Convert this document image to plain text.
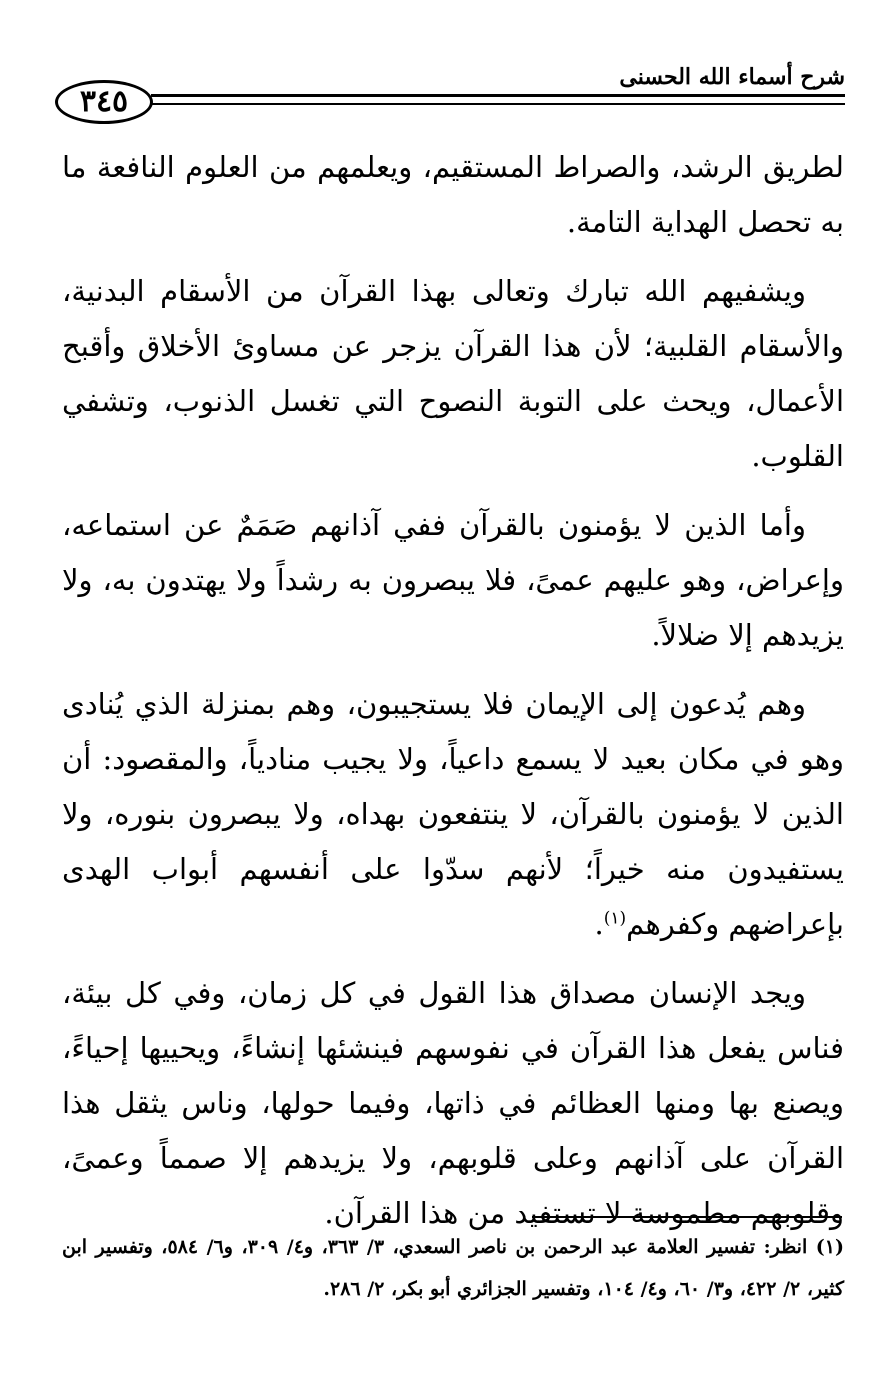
٣٤٥
شرح أسماء الله الحسنى

لطريق الرشد، والصراط المستقيم، ويعلمهم من العلوم النافعة ما به تحصل الهداية التامة.

ويشفيهم الله تبارك وتعالى بهذا القرآن من الأسقام البدنية، والأسقام القلبية؛ لأن هذا القرآن يزجر عن مساوئ الأخلاق وأقبح الأعمال، ويحث على التوبة النصوح التي تغسل الذنوب، وتشفي القلوب.

وأما الذين لا يؤمنون بالقرآن ففي آذانهم صَمَمٌ عن استماعه، وإعراض، وهو عليهم عمىً، فلا يبصرون به رشداً ولا يهتدون به، ولا يزيدهم إلا ضلالاً.

وهم يُدعون إلى الإيمان فلا يستجيبون، وهم بمنزلة الذي يُنادى وهو في مكان بعيد لا يسمع داعياً، ولا يجيب منادياً، والمقصود: أن الذين لا يؤمنون بالقرآن، لا ينتفعون بهداه، ولا يبصرون بنوره، ولا يستفيدون منه خيراً؛ لأنهم سدّوا على أنفسهم أبواب الهدى بإعراضهم وكفرهم$^{(١)}$.

ويجد الإنسان مصداق هذا القول في كل زمان، وفي كل بيئة، فناس يفعل هذا القرآن في نفوسهم فينشئها إنشاءً، ويحييها إحياءً، ويصنع بها ومنها العظائم في ذاتها، وفيما حولها، وناس يثقل هذا القرآن على آذانهم وعلى قلوبهم، ولا يزيدهم إلا صمماً وعمىً، وقلوبهم مطموسة لا تستفيد من هذا القرآن.

(١) انظر: تفسير العلامة عبد الرحمن بن ناصر السعدي، ٣/ ٣٦٣، و٤/ ٣٠٩، و٦/ ٥٨٤، وتفسير ابن كثير، ٢/ ٤٢٢، و٣/ ٦٠، و٤/ ١٠٤، وتفسير الجزائري أبو بكر، ٢/ ٢٨٦.
